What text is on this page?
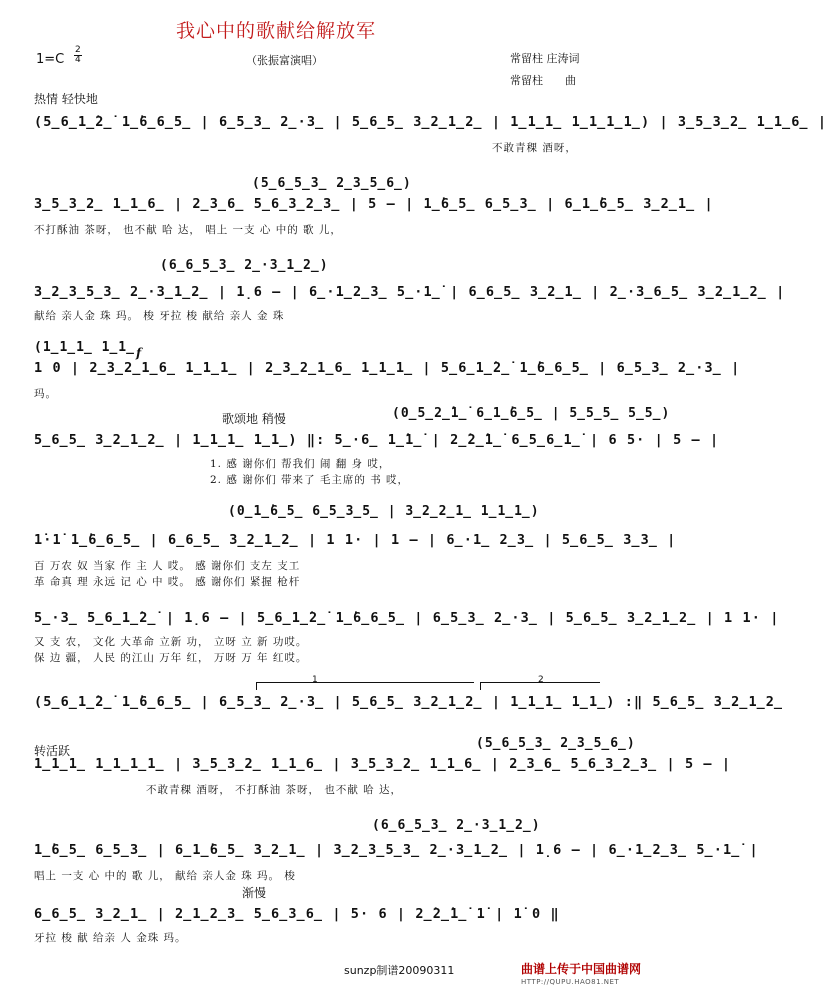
我心中的歌献给解放军
1=C
2
4	（张振富演唱）	常留柱 庄涛词
常留柱　　曲
热情 轻快地
(5̲6̲1̲̇2̲̇ 1̲̇6̲6̲5̲ | 6̲5̲3̲ 2̲·3̲ | 5̲6̲5̲ 3̲2̲1̲2̲ | 1̲1̲1̲ 1̲1̲1̲1̲) | 3̲5̲3̲2̲ 1̲1̲6̲ |
不敢青稞 酒呀，
(5̲6̲5̲3̲ 2̲3̲5̲6̲)
3̲5̲3̲2̲ 1̲1̲6̲ | 2̲3̲6̲ 5̲6̲3̲2̲3̲ | 5 – | 1̲̇6̲5̲ 6̲5̲3̲ | 6̲1̲̇6̲5̲ 3̲2̲1̲ |
不打酥油 茶呀， 也不献 哈 达， 唱上 一支 心 中的 歌 儿，
(6̲6̲5̲3̲ 2̲·3̲1̲2̲)
3̲2̲3̲5̲3̲ 2̲·3̲1̲2̲ | 1̣6 – | 6̲·1̲2̲3̲ 5̲·1̲̇ | 6̲6̲5̲ 3̲2̲1̲ | 2̲·3̲6̲5̲ 3̲2̲1̲2̲ |
献给 亲人金 珠 玛。 梭 牙拉 梭 献给 亲人 金 珠
(1̲1̲1̲ 1̲1̲ f
1 0 | 2̲3̲2̲1̲6̲ 1̲1̲1̲ | 2̲3̲2̲1̲6̲ 1̲1̲1̲ | 5̲6̲1̲̇2̲̇ 1̲̇6̲6̲5̲ | 6̲5̲3̲ 2̲·3̲ |
玛。
歌颂地 稍慢	(0̲5̲2̲̇1̲̇ 6̲1̲̇6̲5̲ | 5̲5̲5̲ 5̲5̲)
5̲6̲5̲ 3̲2̲1̲2̲ | 1̲1̲1̲ 1̲1̲) ‖: 5̲·6̲ 1̲̇1̲̇ | 2̲̇2̲̇1̲̇ 6̲5̲6̲1̲̇ | 6 5· | 5 – |
1. 感 谢你们 帮我们 闹 翻 身 哎，
2. 感 谢你们 带来了 毛主席的 书 哎，
(0̲1̲̇6̲5̲ 6̲5̲3̲5̲ | 3̲2̲2̲1̲ 1̲1̲1̲)
1̇·1̇ 1̲̇6̲6̲5̲ | 6̲6̲5̲ 3̲2̲1̲2̲ | 1 1· | 1 – | 6̲·1̲ 2̲3̲ | 5̲6̲5̲ 3̲3̲ |
百 万农 奴 当家 作 主 人 哎。 感 谢你们 支左 支工
革 命真 理 永远 记 心 中 哎。 感 谢你们 紧握 枪杆
5̲·3̲ 5̲6̲1̲̇2̲̇ | 1̣6 – | 5̲6̲1̲̇2̲̇ 1̲̇6̲6̲5̲ | 6̲5̲3̲ 2̲·3̲ | 5̲6̲5̲ 3̲2̲1̲2̲ | 1 1· |
又 支 农， 文化 大革命 立新 功， 立呀 立 新 功哎。
保 边 疆， 人民 的江山 万年 红， 万呀 万 年 红哎。
1	2
(5̲6̲1̲̇2̲̇ 1̲̇6̲6̲5̲ | 6̲5̲3̲ 2̲·3̲ | 5̲6̲5̲ 3̲2̲1̲2̲ | 1̲1̲1̲ 1̲1̲) :‖ 5̲6̲5̲ 3̲2̲1̲2̲
转活跃	(5̲6̲5̲3̲ 2̲3̲5̲6̲)
1̲1̲1̲ 1̲1̲1̲1̲ | 3̲5̲3̲2̲ 1̲1̲6̲ | 3̲5̲3̲2̲ 1̲1̲6̲ | 2̲3̲6̲ 5̲6̲3̲2̲3̲ | 5 – |
不敢青稞 酒呀， 不打酥油 茶呀， 也不献 哈 达，
(6̲6̲5̲3̲ 2̲·3̲1̲2̲)
1̲̇6̲5̲ 6̲5̲3̲ | 6̲1̲̇6̲5̲ 3̲2̲1̲ | 3̲2̲3̲5̲3̲ 2̲·3̲1̲2̲ | 1̣6 – | 6̲·1̲2̲3̲ 5̲·1̲̇ |
唱上 一支 心 中的 歌 儿， 献给 亲人金 珠 玛。 梭
渐慢
6̲6̲5̲ 3̲2̲1̲ | 2̲1̲2̲3̲ 5̲6̲3̲6̲ | 5· 6 | 2̲̇2̲̇1̲̇ 1̇ | 1̇ 0 ‖
牙拉 梭 献 给亲 人 金珠 玛。
sunzp制谱20090311	曲谱上传于中国曲谱网
HTTP://QUPU.HAO81.NET
